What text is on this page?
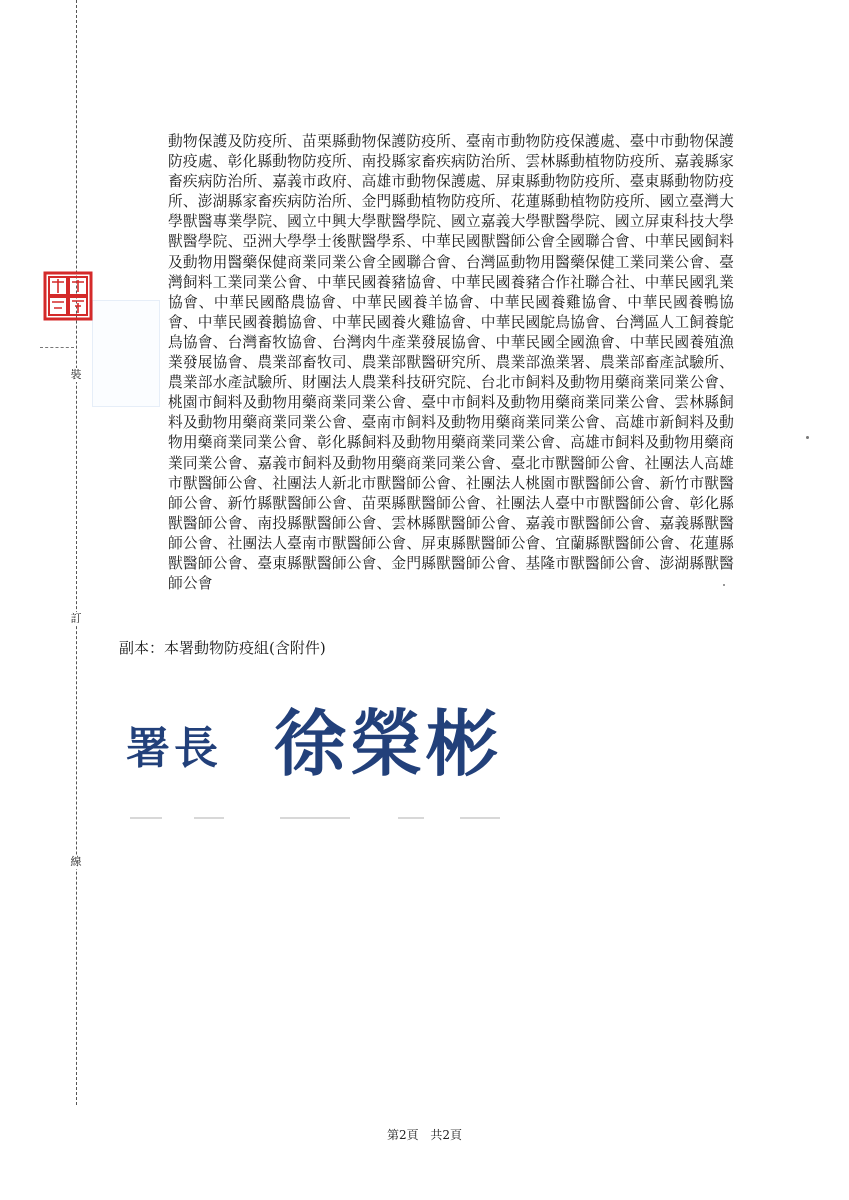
裝
訂
線
動物保護及防疫所、苗栗縣動物保護防疫所、臺南市動物防疫保護處、臺中市動物保護防疫處、彰化縣動物防疫所、南投縣家畜疾病防治所、雲林縣動植物防疫所、嘉義縣家畜疾病防治所、嘉義市政府、高雄市動物保護處、屏東縣動物防疫所、臺東縣動物防疫所、澎湖縣家畜疾病防治所、金門縣動植物防疫所、花蓮縣動植物防疫所、國立臺灣大學獸醫專業學院、國立中興大學獸醫學院、國立嘉義大學獸醫學院、國立屏東科技大學獸醫學院、亞洲大學學士後獸醫學系、中華民國獸醫師公會全國聯合會、中華民國飼料及動物用醫藥保健商業同業公會全國聯合會、台灣區動物用醫藥保健工業同業公會、臺灣飼料工業同業公會、中華民國養豬協會、中華民國養豬合作社聯合社、中華民國乳業協會、中華民國酪農協會、中華民國養羊協會、中華民國養雞協會、中華民國養鴨協會、中華民國養鵝協會、中華民國養火雞協會、中華民國鴕鳥協會、台灣區人工飼養鴕鳥協會、台灣畜牧協會、台灣肉牛產業發展協會、中華民國全國漁會、中華民國養殖漁業發展協會、農業部畜牧司、農業部獸醫研究所、農業部漁業署、農業部畜產試驗所、農業部水產試驗所、財團法人農業科技研究院、台北市飼料及動物用藥商業同業公會、桃園市飼料及動物用藥商業同業公會、臺中市飼料及動物用藥商業同業公會、雲林縣飼料及動物用藥商業同業公會、臺南市飼料及動物用藥商業同業公會、高雄市新飼料及動物用藥商業同業公會、彰化縣飼料及動物用藥商業同業公會、高雄市飼料及動物用藥商業同業公會、嘉義市飼料及動物用藥商業同業公會、臺北市獸醫師公會、社團法人高雄市獸醫師公會、社團法人新北市獸醫師公會、社團法人桃園市獸醫師公會、新竹市獸醫師公會、新竹縣獸醫師公會、苗栗縣獸醫師公會、社團法人臺中市獸醫師公會、彰化縣獸醫師公會、南投縣獸醫師公會、雲林縣獸醫師公會、嘉義市獸醫師公會、嘉義縣獸醫師公會、社團法人臺南市獸醫師公會、屏東縣獸醫師公會、宜蘭縣獸醫師公會、花蓮縣獸醫師公會、臺東縣獸醫師公會、金門縣獸醫師公會、基隆市獸醫師公會、澎湖縣獸醫師公會
副本：本署動物防疫組(含附件)
署長 徐榮彬
第2頁 共2頁
